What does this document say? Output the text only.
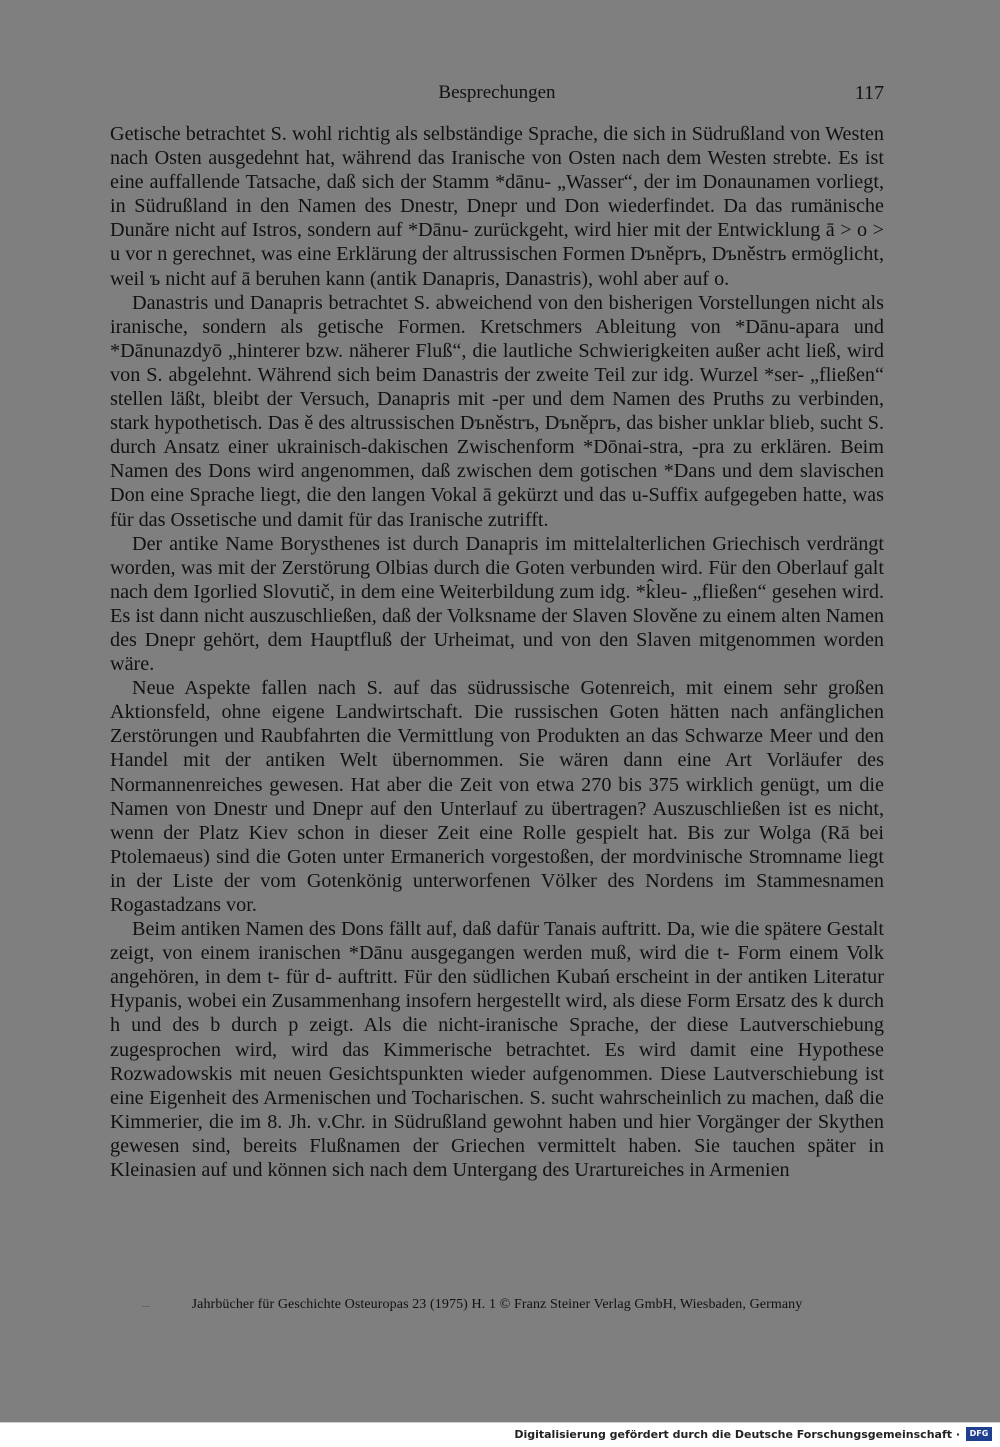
Besprechungen	117

Getische betrachtet S. wohl richtig als selbständige Sprache, die sich in Südrußland von Westen nach Osten ausgedehnt hat, während das Iranische von Osten nach dem Westen strebte. Es ist eine auffallende Tatsache, daß sich der Stamm *dānu- „Wasser“, der im Donaunamen vorliegt, in Südrußland in den Namen des Dnestr, Dnepr und Don wiederfindet. Da das rumänische Dunăre nicht auf Istros, sondern auf *Dānu- zurückgeht, wird hier mit der Entwicklung ā > o > u vor n gerechnet, was eine Erklärung der altrussischen Formen Dъněprъ, Dъněstrъ ermöglicht, weil ъ nicht auf ā beruhen kann (antik Danapris, Danastris), wohl aber auf o.

Danastris und Danapris betrachtet S. abweichend von den bisherigen Vorstellungen nicht als iranische, sondern als getische Formen. Kretschmers Ableitung von *Dānu-apara und *Dānunazdyō „hinterer bzw. näherer Fluß“, die lautliche Schwierigkeiten außer acht ließ, wird von S. abgelehnt. Während sich beim Danastris der zweite Teil zur idg. Wurzel *ser- „fließen“ stellen läßt, bleibt der Versuch, Danapris mit -per und dem Namen des Pruths zu verbinden, stark hypothetisch. Das ě des altrussischen Dъněstrъ, Dъněprъ, das bisher unklar blieb, sucht S. durch Ansatz einer ukrainisch-dakischen Zwischenform *Dōnai-stra, -pra zu erklären. Beim Namen des Dons wird angenommen, daß zwischen dem gotischen *Dans und dem slavischen Don eine Sprache liegt, die den langen Vokal ā gekürzt und das u-Suffix aufgegeben hatte, was für das Ossetische und damit für das Iranische zutrifft.

Der antike Name Borysthenes ist durch Danapris im mittelalterlichen Griechisch verdrängt worden, was mit der Zerstörung Olbias durch die Goten verbunden wird. Für den Oberlauf galt nach dem Igorlied Slovutič, in dem eine Weiterbildung zum idg. *k̂leu- „fließen“ gesehen wird. Es ist dann nicht auszuschließen, daß der Volksname der Slaven Slověne zu einem alten Namen des Dnepr gehört, dem Hauptfluß der Urheimat, und von den Slaven mitgenommen worden wäre.

Neue Aspekte fallen nach S. auf das südrussische Gotenreich, mit einem sehr großen Aktionsfeld, ohne eigene Landwirtschaft. Die russischen Goten hätten nach anfänglichen Zerstörungen und Raubfahrten die Vermittlung von Produkten an das Schwarze Meer und den Handel mit der antiken Welt übernommen. Sie wären dann eine Art Vorläufer des Normannenreiches gewesen. Hat aber die Zeit von etwa 270 bis 375 wirklich genügt, um die Namen von Dnestr und Dnepr auf den Unterlauf zu übertragen? Auszuschließen ist es nicht, wenn der Platz Kiev schon in dieser Zeit eine Rolle gespielt hat. Bis zur Wolga (Rā bei Ptolemaeus) sind die Goten unter Ermanerich vorgestoßen, der mordvinische Stromname liegt in der Liste der vom Gotenkönig unterworfenen Völker des Nordens im Stammesnamen Rogastadzans vor.

Beim antiken Namen des Dons fällt auf, daß dafür Tanais auftritt. Da, wie die spätere Gestalt zeigt, von einem iranischen *Dānu ausgegangen werden muß, wird die t- Form einem Volk angehören, in dem t- für d- auftritt. Für den südlichen Kubań erscheint in der antiken Literatur Hypanis, wobei ein Zusammenhang insofern hergestellt wird, als diese Form Ersatz des k durch h und des b durch p zeigt. Als die nicht-iranische Sprache, der diese Lautverschiebung zugesprochen wird, wird das Kimmerische betrachtet. Es wird damit eine Hypothese Rozwadowskis mit neuen Gesichtspunkten wieder aufgenommen. Diese Lautverschiebung ist eine Eigenheit des Armenischen und Tocharischen. S. sucht wahrscheinlich zu machen, daß die Kimmerier, die im 8. Jh. v.Chr. in Südrußland gewohnt haben und hier Vorgänger der Skythen gewesen sind, bereits Flußnamen der Griechen vermittelt haben. Sie tauchen später in Kleinasien auf und können sich nach dem Untergang des Urartureiches in Armenien

Jahrbücher für Geschichte Osteuropas 23 (1975) H. 1 © Franz Steiner Verlag GmbH, Wiesbaden, Germany
Digitalisierung gefördert durch die Deutsche Forschungsgemeinschaft ·	DFG
